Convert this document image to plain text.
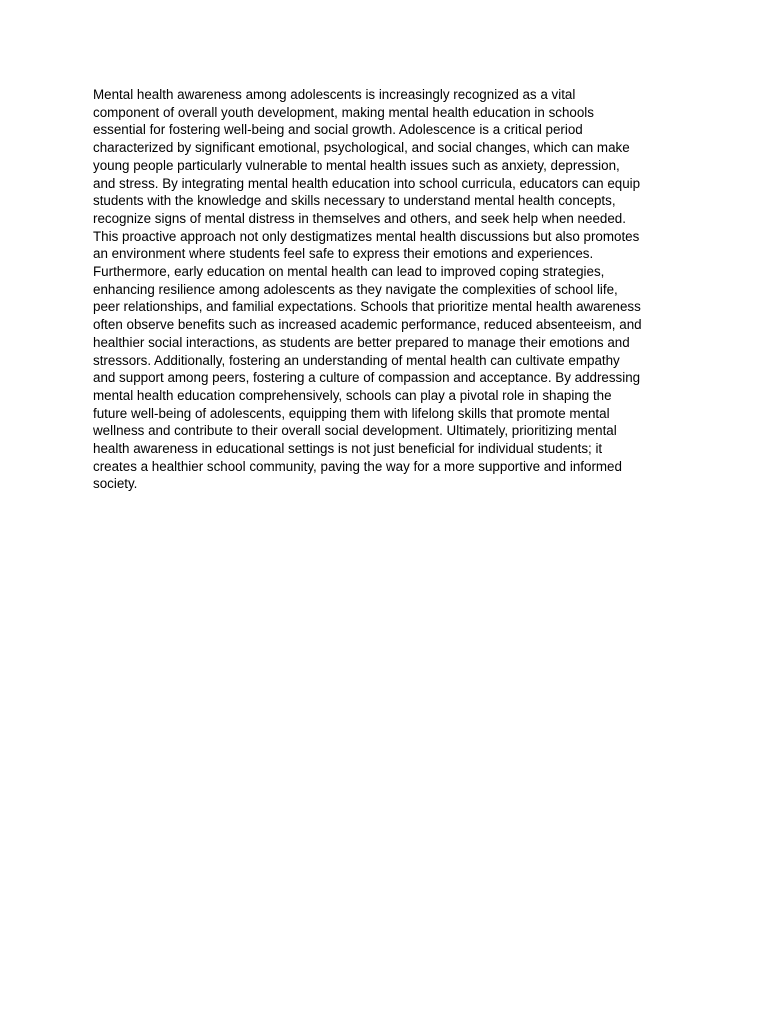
Mental health awareness among adolescents is increasingly recognized as a vital
component of overall youth development, making mental health education in schools
essential for fostering well-being and social growth. Adolescence is a critical period
characterized by significant emotional, psychological, and social changes, which can make
young people particularly vulnerable to mental health issues such as anxiety, depression,
and stress. By integrating mental health education into school curricula, educators can equip
students with the knowledge and skills necessary to understand mental health concepts,
recognize signs of mental distress in themselves and others, and seek help when needed.
This proactive approach not only destigmatizes mental health discussions but also promotes
an environment where students feel safe to express their emotions and experiences.
Furthermore, early education on mental health can lead to improved coping strategies,
enhancing resilience among adolescents as they navigate the complexities of school life,
peer relationships, and familial expectations. Schools that prioritize mental health awareness
often observe benefits such as increased academic performance, reduced absenteeism, and
healthier social interactions, as students are better prepared to manage their emotions and
stressors. Additionally, fostering an understanding of mental health can cultivate empathy
and support among peers, fostering a culture of compassion and acceptance. By addressing
mental health education comprehensively, schools can play a pivotal role in shaping the
future well-being of adolescents, equipping them with lifelong skills that promote mental
wellness and contribute to their overall social development. Ultimately, prioritizing mental
health awareness in educational settings is not just beneficial for individual students; it
creates a healthier school community, paving the way for a more supportive and informed
society.
